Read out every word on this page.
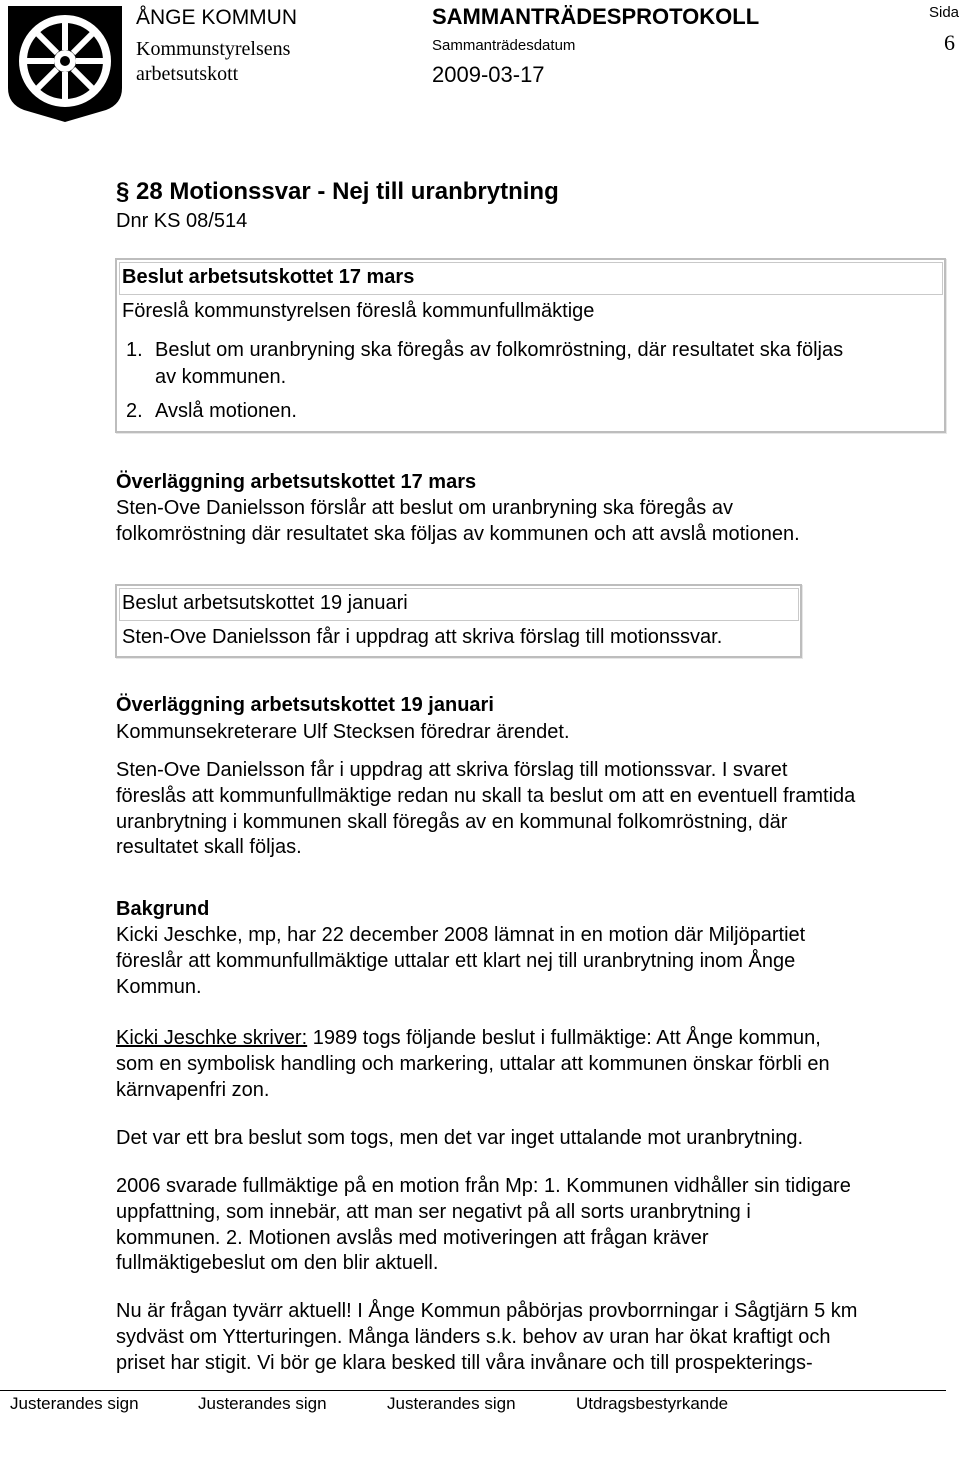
ÅNGE KOMMUN
Kommunstyrelsens
arbetsutskott
SAMMANTRÄDESPROTOKOLL
Sammanträdesdatum
2009-03-17
Sida
6
§ 28 Motionssvar - Nej till uranbrytning
Dnr KS 08/514
Beslut arbetsutskottet 17 mars
Föreslå kommunstyrelsen föreslå kommunfullmäktige
1. Beslut om uranbryning ska föregås av folkomröstning, där resultatet ska följas
av kommunen.
2. Avslå motionen.
Överläggning arbetsutskottet 17 mars
Sten-Ove Danielsson förslår att beslut om uranbryning ska föregås av
folkomröstning där resultatet ska följas av kommunen och att avslå motionen.
Beslut arbetsutskottet 19 januari
Sten-Ove Danielsson får i uppdrag att skriva förslag till motionssvar.
Överläggning arbetsutskottet 19 januari
Kommunsekreterare Ulf Stecksen föredrar ärendet.
Sten-Ove Danielsson får i uppdrag att skriva förslag till motionssvar. I svaret
föreslås att kommunfullmäktige redan nu skall ta beslut om att en eventuell framtida
uranbrytning i kommunen skall föregås av en kommunal folkomröstning, där
resultatet skall följas.
Bakgrund
Kicki Jeschke, mp, har 22 december 2008 lämnat in en motion där Miljöpartiet
föreslår att kommunfullmäktige uttalar ett klart nej till uranbrytning inom Ånge
Kommun.
Kicki Jeschke skriver: 1989 togs följande beslut i fullmäktige: Att Ånge kommun,
som en symbolisk handling och markering, uttalar att kommunen önskar förbli en
kärnvapenfri zon.
Det var ett bra beslut som togs, men det var inget uttalande mot uranbrytning.
2006 svarade fullmäktige på en motion från Mp: 1. Kommunen vidhåller sin tidigare
uppfattning, som innebär, att man ser negativt på all sorts uranbrytning i
kommunen. 2. Motionen avslås med motiveringen att frågan kräver
fullmäktigebeslut om den blir aktuell.
Nu är frågan tyvärr aktuell! I Ånge Kommun påbörjas provborrningar i Sågtjärn 5 km
sydväst om Ytterturingen. Många länders s.k. behov av uran har ökat kraftigt och
priset har stigit. Vi bör ge klara besked till våra invånare och till prospekterings-
Justerandes sign	Justerandes sign	Justerandes sign	Utdragsbestyrkande
